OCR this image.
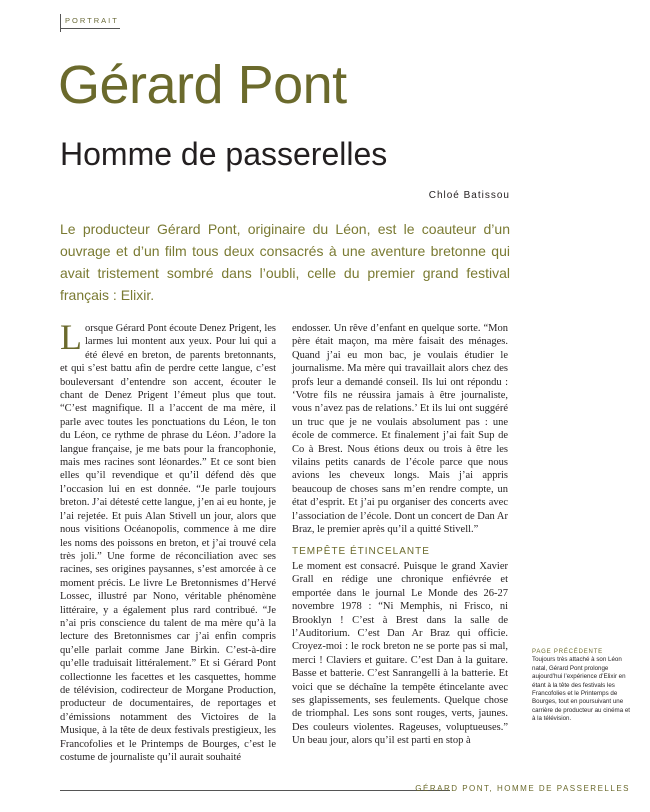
PORTRAIT
Gérard Pont
Homme de passerelles
Chloé Batissou

Le producteur Gérard Pont, originaire du Léon, est le coauteur d’un ouvrage et d’un film tous deux consacrés à une aventure bretonne qui avait tristement sombré dans l’oubli, celle du premier grand festival français : Elixir.

Lorsque Gérard Pont écoute Denez Prigent, les larmes lui montent aux yeux. Pour lui qui a été élevé en breton, de parents bretonnants, et qui s’est battu afin de perdre cette langue, c’est bouleversant d’entendre son accent, écouter le chant de Denez Prigent l’émeut plus que tout. “C’est magnifique. Il a l’accent de ma mère, il parle avec toutes les ponctuations du Léon, le ton du Léon, ce rythme de phrase du Léon. J’adore la langue française, je me bats pour la francophonie, mais mes racines sont léonardes.” Et ce sont bien elles qu’il revendique et qu’il défend dès que l’occasion lui en est donnée. “Je parle toujours breton. J’ai détesté cette langue, j’en ai eu honte, je l’ai rejetée. Et puis Alan Stivell un jour, alors que nous visitions Océanopolis, commence à me dire les noms des poissons en breton, et j’ai trouvé cela très joli.” Une forme de réconciliation avec ses racines, ses origines paysannes, s’est amorcée à ce moment précis. Le livre Le Bretonnismes d’Hervé Lossec, illustré par Nono, véritable phénomène littéraire, y a également plus rard contribué. “Je n’ai pris conscience du talent de ma mère qu’à la lecture des Bretonnismes car j’ai enfin compris qu’elle parlait comme Jane Birkin. C’est-à-dire qu’elle traduisait littéralement.” Et si Gérard Pont collectionne les facettes et les casquettes, homme de télévision, codirecteur de Morgane Production, producteur de documentaires, de reportages et d’émissions notamment des Victoires de la Musique, à la tête de deux festivals prestigieux, les Francofolies et le Printemps de Bourges, c’est le costume de journaliste qu’il aurait souhaité

endosser. Un rêve d’enfant en quelque sorte. “Mon père était maçon, ma mère faisait des ménages. Quand j’ai eu mon bac, je voulais étudier le journalisme. Ma mère qui travaillait alors chez des profs leur a demandé conseil. Ils lui ont répondu : ‘Votre fils ne réussira jamais à être journaliste, vous n’avez pas de relations.’ Et ils lui ont suggéré un truc que je ne voulais absolument pas : une école de commerce. Et finalement j’ai fait Sup de Co à Brest. Nous étions deux ou trois à être les vilains petits canards de l’école parce que nous avions les cheveux longs. Mais j’ai appris beaucoup de choses sans m’en rendre compte, un état d’esprit. Et j’ai pu organiser des concerts avec l’association de l’école. Dont un concert de Dan Ar Braz, le premier après qu’il a quitté Stivell.”

TEMPÊTE ÉTINCELANTE

Le moment est consacré. Puisque le grand Xavier Grall en rédige une chronique enfiévrée et emportée dans le journal Le Monde des 26-27 novembre 1978 : “Ni Memphis, ni Frisco, ni Brooklyn ! C’est à Brest dans la salle de l’Auditorium. C’est Dan Ar Braz qui officie. Croyez-moi : le rock breton ne se porte pas si mal, merci ! Claviers et guitare. C’est Dan à la guitare. Basse et batterie. C’est Sanrangelli à la batterie. Et voici que se déchaîne la tempête étincelante avec ses glapissements, ses feulements. Quelque chose de triomphal. Les sons sont rouges, verts, jaunes. Des couleurs violentes. Rageuses, voluptueuses.” Un beau jour, alors qu’il est parti en stop à

PAGE PRÉCÉDENTE
Toujours très attaché à son Léon natal, Gérard Pont prolonge aujourd’hui l’expérience d’Elixir en étant à la tête des festivals les Francofolies et le Printemps de Bourges, tout en poursuivant une carrière de producteur au cinéma et à la télévision.
GÉRARD PONT, HOMME DE PASSERELLES
